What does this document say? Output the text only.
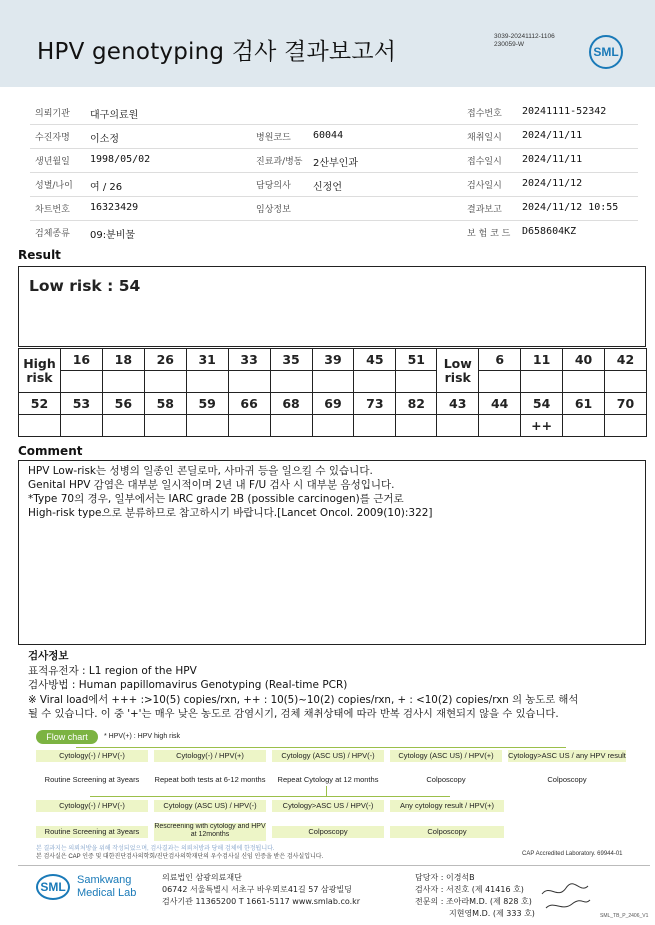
HPV genotyping 검사 결과보고서
3039-20241112-1106
230059-W
SML
의뢰기관 대구의료원	접수번호 20241111-52342
수진자명 이소정	병원코드 60044	채취일시 2024/11/11
생년월일 1998/05/02	진료과/병동 2산부인과	접수일시 2024/11/11
성별/나이 여 / 26	담당의사 신정언	검사일시 2024/11/12
차트번호 16323429	임상정보	결과보고 2024/11/12 10:55
검체종류 09:분비물	보 험 코 드 D658604KZ
Result
Low risk : 54
High risk	16	18	26	31	33	35	39	45	51	Low risk	6	11	40	42

52	53	56	58	59	66	68	69	73	82	43	44	54	61	70
												++		
Comment
HPV Low-risk는 성병의 일종인 콘딜로마, 사마귀 등을 일으킬 수 있습니다.
Genital HPV 감염은 대부분 일시적이며 2년 내 F/U 검사 시 대부분 음성입니다.
*Type 70의 경우, 일부에서는 IARC grade 2B (possible carcinogen)를 근거로
High-risk type으로 분류하므로 참고하시기 바랍니다.[Lancet Oncol. 2009(10):322]
검사정보
표적유전자 : L1 region of the HPV
검사방법 : Human papillomavirus Genotyping (Real-time PCR)
※ Viral load에서 +++ :>10(5) copies/rxn, ++ : 10(5)~10(2) copies/rxn, + : <10(2) copies/rxn 의 농도로 해석
될 수 있습니다. 이 중 '+'는 매우 낮은 농도로 감염시기, 검체 채취상태에 따라 반복 검사시 재현되지 않을 수 있습니다.
Flow chart	* HPV(+) : HPV high risk
Cytology(-) / HPV(-)	Cytology(-) / HPV(+)	Cytology (ASC US) / HPV(-)	Cytology (ASC US) / HPV(+)	Cytology>ASC US / any HPV result
Routine Screening at 3years	Repeat both tests at 6-12 months	Repeat Cytology at 12 months	Colposcopy	Colposcopy
Cytology(-) / HPV(-)	Cytology (ASC US) / HPV(-)	Cytology>ASC US / HPV(-)	Any cytology result / HPV(+)
Routine Screening at 3years
Rescreening with cytology and HPV at 12months	Colposcopy	Colposcopy
본 결과지는 의뢰처방을 위해 작성되었으며, 검사결과는 의뢰처방과 당해 검체에 한정됩니다.
본 검사실은 CAP 인증 및 대한진단검사의학회/진단검사의학재단의 우수검사실 신임 인증을 받은 검사실입니다.	CAP Accredited Laboratory. 69944-01
SML	Samkwang
Medical Lab
의료법인 삼광의료재단
06742 서울특별시 서초구 바우뫼로41길 57 삼광빌딩
검사기관 11365200 T 1661-5117 www.smlab.co.kr
담당자 : 이경석B
검사자 : 서진호 (제 41416 호)
전문의 : 조아라M.D. (제 828 호)
지현영M.D. (제 333 호)	SML_TB_P_2406_V1
